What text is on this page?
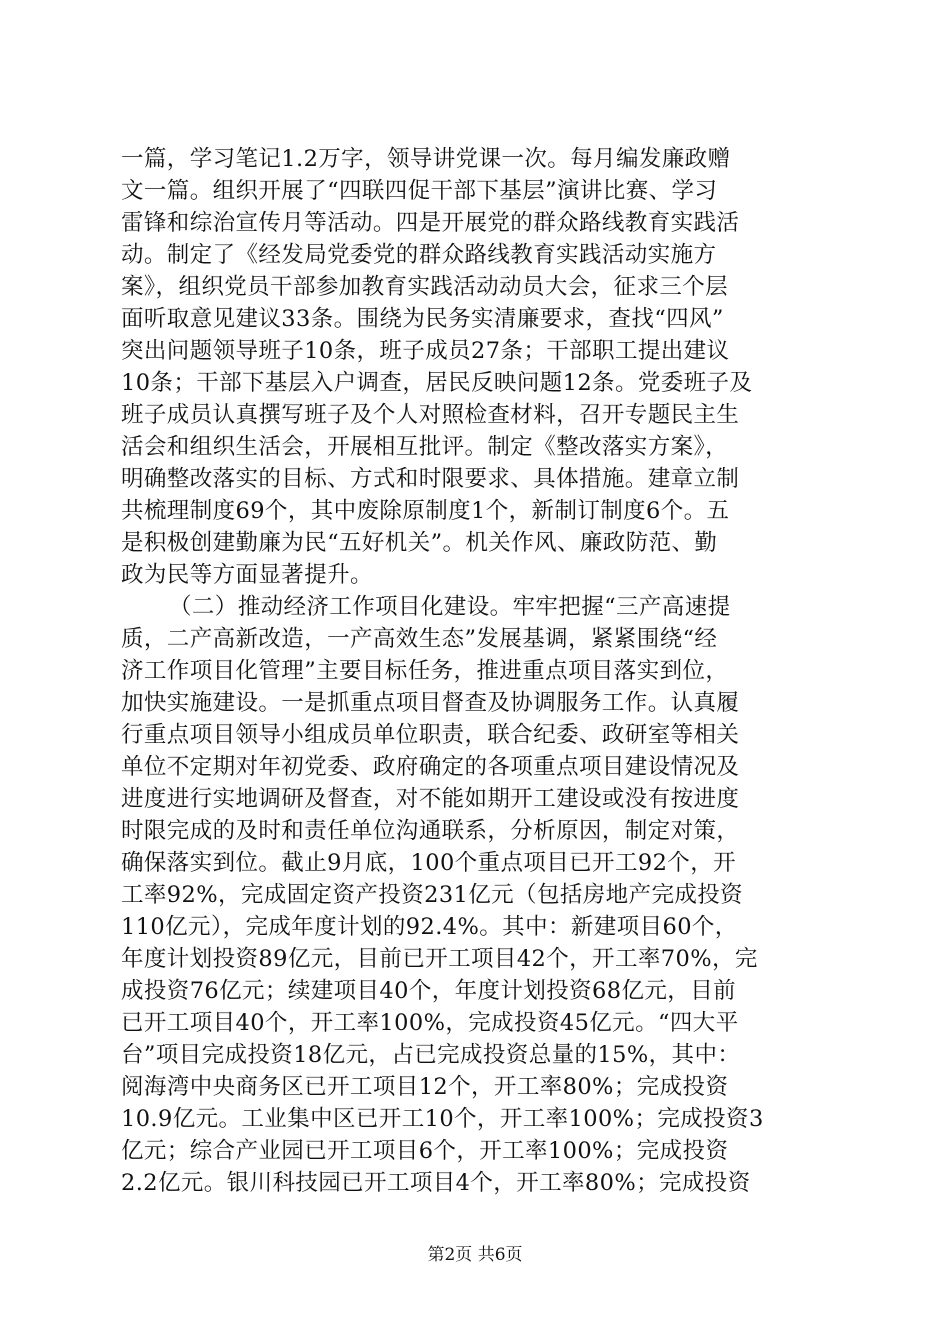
一篇，学习笔记1.2万字，领导讲党课一次。每月编发廉政赠
文一篇。组织开展了“四联四促干部下基层”演讲比赛、学习
雷锋和综治宣传月等活动。四是开展党的群众路线教育实践活
动。制定了《经发局党委党的群众路线教育实践活动实施方
案》，组织党员干部参加教育实践活动动员大会，征求三个层
面听取意见建议33条。围绕为民务实清廉要求，查找“四风”
突出问题领导班子10条，班子成员27条；干部职工提出建议
10条；干部下基层入户调查，居民反映问题12条。党委班子及
班子成员认真撰写班子及个人对照检查材料，召开专题民主生
活会和组织生活会，开展相互批评。制定《整改落实方案》，
明确整改落实的目标、方式和时限要求、具体措施。建章立制
共梳理制度69个，其中废除原制度1个，新制订制度6个。五
是积极创建勤廉为民“五好机关”。机关作风、廉政防范、勤
政为民等方面显著提升。
（二）推动经济工作项目化建设。牢牢把握“三产高速提
质，二产高新改造，一产高效生态”发展基调，紧紧围绕“经
济工作项目化管理”主要目标任务，推进重点项目落实到位，
加快实施建设。一是抓重点项目督查及协调服务工作。认真履
行重点项目领导小组成员单位职责，联合纪委、政研室等相关
单位不定期对年初党委、政府确定的各项重点项目建设情况及
进度进行实地调研及督查，对不能如期开工建设或没有按进度
时限完成的及时和责任单位沟通联系，分析原因，制定对策，
确保落实到位。截止9月底，100个重点项目已开工92个，开
工率92%，完成固定资产投资231亿元（包括房地产完成投资
110亿元），完成年度计划的92.4%。其中：新建项目60个，
年度计划投资89亿元，目前已开工项目42个，开工率70%，完
成投资76亿元；续建项目40个，年度计划投资68亿元，目前
已开工项目40个，开工率100%，完成投资45亿元。“四大平
台”项目完成投资18亿元，占已完成投资总量的15%，其中：
阅海湾中央商务区已开工项目12个，开工率80%；完成投资
10.9亿元。工业集中区已开工10个，开工率100%；完成投资3
亿元；综合产业园已开工项目6个，开工率100%；完成投资
2.2亿元。银川科技园已开工项目4个，开工率80%；完成投资
第2页 共6页
